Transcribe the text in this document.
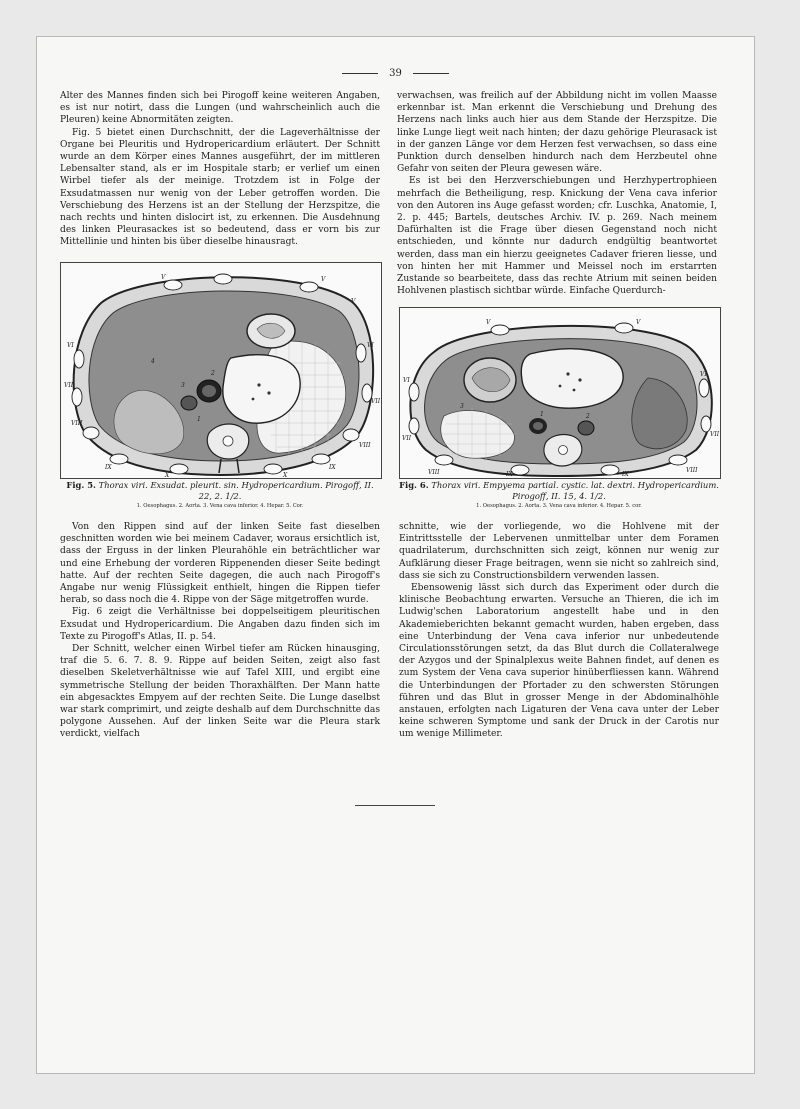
39

Alter des Mannes finden sich bei Pirogoff keine weiteren Angaben, es ist nur notirt, dass die Lungen (und wahrscheinlich auch die Pleuren) keine Abnormitäten zeigten.

Fig. 5 bietet einen Durchschnitt, der die Lageverhältnisse der Organe bei Pleuritis und Hydropericardium erläutert. Der Schnitt wurde an dem Körper eines Mannes ausgeführt, der im mittleren Lebensalter stand, als er im Hospitale starb; er verlief um einen Wirbel tiefer als der meinige. Trotzdem ist in Folge der Exsudatmassen nur wenig von der Leber getroffen worden. Die Verschiebung des Herzens ist an der Stellung der Herzspitze, die nach rechts und hinten dislocirt ist, zu erkennen. Die Ausdehnung des linken Pleurasackes ist so bedeutend, dass er vorn bis zur Mittellinie und hinten bis über dieselbe hinausragt.

verwachsen, was freilich auf der Abbildung nicht im vollen Maasse erkennbar ist. Man erkennt die Verschiebung und Drehung des Herzens nach links auch hier aus dem Stande der Herzspitze. Die linke Lunge liegt weit nach hinten; der dazu gehörige Pleurasack ist in der ganzen Länge vor dem Herzen fest verwachsen, so dass eine Punktion durch denselben hindurch nach dem Herzbeutel ohne Gefahr von seiten der Pleura gewesen wäre.

Es ist bei den Herzverschiebungen und Herzhypertrophieen mehrfach die Betheiligung, resp. Knickung der Vena cava inferior von den Autoren ins Auge gefasst worden; cfr. Luschka, Anatomie, I, 2. p. 445; Bartels, deutsches Archiv. IV. p. 269. Nach meinem Dafürhalten ist die Frage über diesen Gegenstand noch nicht entschieden, und könnte nur dadurch endgültig beantwortet werden, dass man ein hierzu geeignetes Cadaver frieren liesse, und von hinten her mit Hammer und Meissel noch im erstarrten Zustande so bearbeitete, dass das rechte Atrium mit seinen beiden Hohlvenen plastisch sichtbar würde. Einfache Querdurch-

V	V
VI
VII
VIII
IX
X	X
IX
VIII
VII
VI
V
1
2
3
4
Fig. 5. Thorax viri. Exsudat. pleurit. sin. Hydropericardium. Pirogoff, II. 22, 2. 1/2.
1. Oesophagus. 2. Aorta. 3. Vena cava inferior. 4. Hepar. 5. Cor.
V	V
VI
VII
VIII	IX	IX
VIII
VII
VI
1	2
3
Fig. 6. Thorax viri. Empyema partial. cystic. lat. dextri. Hydropericardium. Pirogoff, II. 15, 4. 1/2.
1. Oesophagus. 2. Aorta. 3. Vena cava inferior. 4. Hepar. 5. cor.

Von den Rippen sind auf der linken Seite fast dieselben geschnitten worden wie bei meinem Cadaver, woraus ersichtlich ist, dass der Erguss in der linken Pleurahöhle ein beträchtlicher war und eine Erhebung der vorderen Rippenenden dieser Seite bedingt hatte. Auf der rechten Seite dagegen, die auch nach Pirogoff's Angabe nur wenig Flüssigkeit enthielt, hingen die Rippen tiefer herab, so dass noch die 4. Rippe von der Säge mitgetroffen wurde.

Fig. 6 zeigt die Verhältnisse bei doppelseitigem pleuritischen Exsudat und Hydropericardium. Die Angaben dazu finden sich im Texte zu Pirogoff's Atlas, II. p. 54.

Der Schnitt, welcher einen Wirbel tiefer am Rücken hinausging, traf die 5. 6. 7. 8. 9. Rippe auf beiden Seiten, zeigt also fast dieselben Skeletverhältnisse wie auf Tafel XIII, und ergibt eine symmetrische Stellung der beiden Thoraxhälften. Der Mann hatte ein abgesacktes Empyem auf der rechten Seite. Die Lunge daselbst war stark comprimirt, und zeigte deshalb auf dem Durchschnitte das polygone Aussehen. Auf der linken Seite war die Pleura stark verdickt, vielfach

schnitte, wie der vorliegende, wo die Hohlvene mit der Eintrittsstelle der Lebervenen unmittelbar unter dem Foramen quadrilaterum, durchschnitten sich zeigt, können nur wenig zur Aufklärung dieser Frage beitragen, wenn sie nicht so zahlreich sind, dass sie sich zu Constructionsbildern verwenden lassen.

Ebensowenig lässt sich durch das Experiment oder durch die klinische Beobachtung erwarten. Versuche an Thieren, die ich im Ludwig'schen Laboratorium angestellt habe und in den Akademieberichten bekannt gemacht wurden, haben ergeben, dass eine Unterbindung der Vena cava inferior nur unbedeutende Circulationsstörungen setzt, da das Blut durch die Collateralwege der Azygos und der Spinalplexus weite Bahnen findet, auf denen es zum System der Vena cava superior hinüberfliessen kann. Während die Unterbindungen der Pfortader zu den schwersten Störungen führen und das Blut in grosser Menge in der Abdominalhöhle anstauen, erfolgten nach Ligaturen der Vena cava unter der Leber keine schweren Symptome und sank der Druck in der Carotis nur um wenige Millimeter.
